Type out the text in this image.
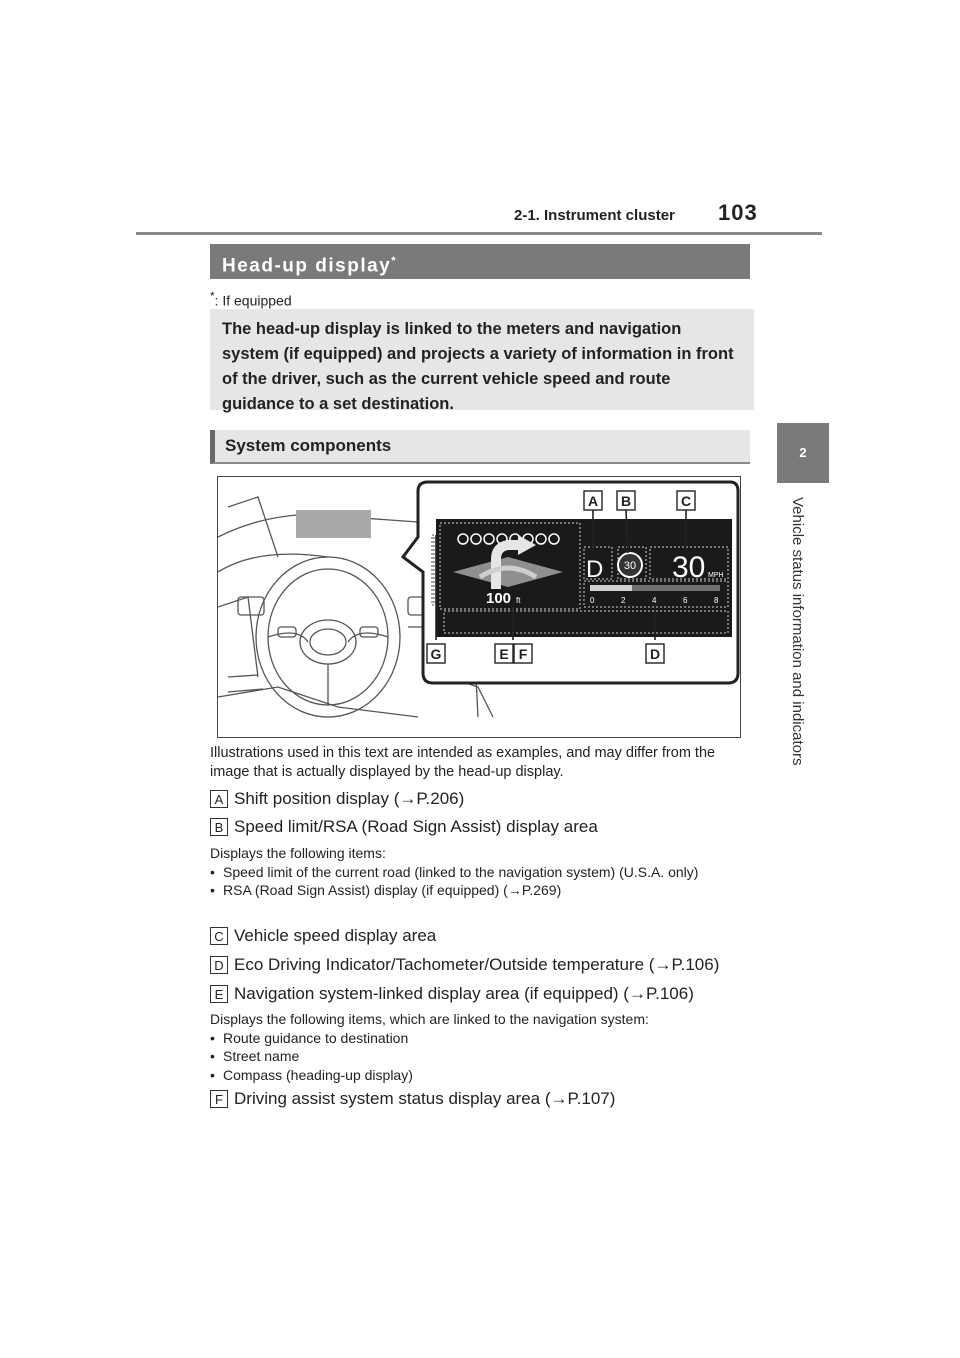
2-1. Instrument cluster 103
2
Vehicle status information and indicators
Head-up display*
*: If equipped
The head-up display is linked to the meters and navigation system (if equipped) and projects a variety of information in front of the driver, such as the current vehicle speed and route guidance to a set destination.
System components
100 ft
D 30 30 MPH
0	2	4	6	8
A B	C
D
E F
G
Illustrations used in this text are intended as examples, and may differ from the image that is actually displayed by the head-up display.
A Shift position display ( → P.206 )
B Speed limit/RSA (Road Sign Assist) display area
Displays the following items:
• Speed limit of the current road (linked to the navigation system) (U.S.A. only)
• RSA (Road Sign Assist) display (if equipped) (→P.269)
C Vehicle speed display area
D Eco Driving Indicator/Tachometer/Outside temperature ( → P.106 )
E Navigation system-linked display area (if equipped) ( → P.106 )
Displays the following items, which are linked to the navigation system:
• Route guidance to destination
• Street name
• Compass (heading-up display)
F Driving assist system status display area ( → P.107 )
